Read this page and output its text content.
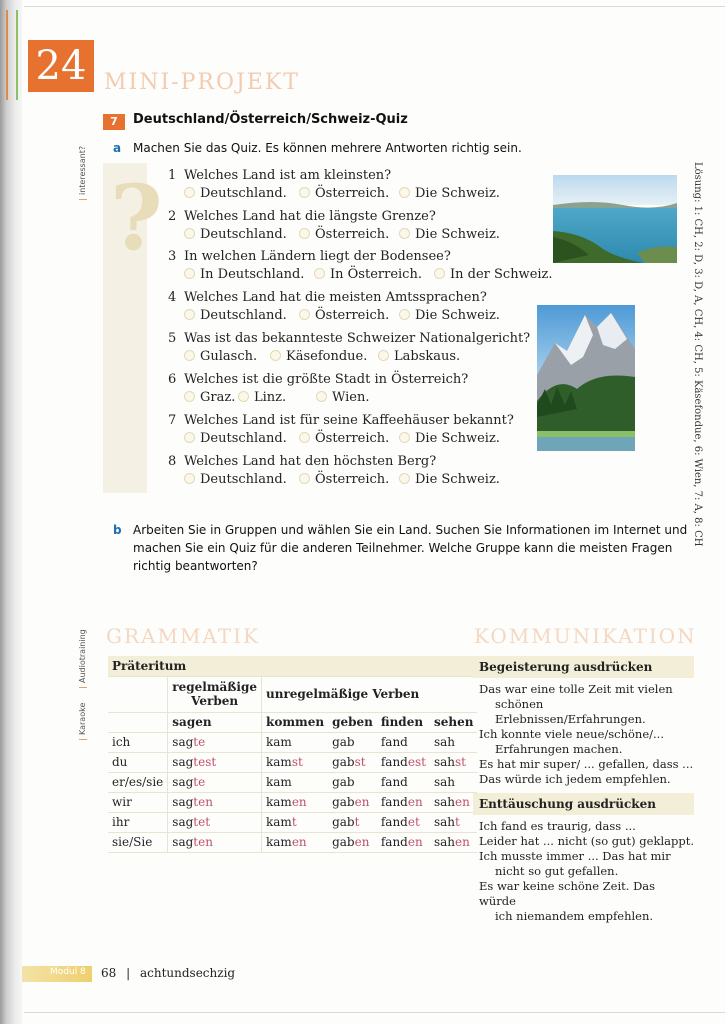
24 MINI-PROJEKT
interessant?
Audiotraining
Karaoke
7	Deutschland/Österreich/Schweiz-Quiz
a Machen Sie das Quiz. Es können mehrere Antworten richtig sein.
? 1 Welches Land ist am kleinsten?
Deutschland.	Österreich.	Die Schweiz.
2 Welches Land hat die längste Grenze?
Deutschland.	Österreich.	Die Schweiz.
3 In welchen Ländern liegt der Bodensee?
In Deutschland.	In Österreich.	In der Schweiz.
4 Welches Land hat die meisten Amtssprachen?
Deutschland.	Österreich.	Die Schweiz.
5 Was ist das bekannteste Schweizer Nationalgericht?
Gulasch.	Käsefondue.	Labskaus.
6 Welches ist die größte Stadt in Österreich?
Graz.	Linz.	Wien.
7 Welches Land ist für seine Kaffeehäuser bekannt?
Deutschland.	Österreich.	Die Schweiz.
8 Welches Land hat den höchsten Berg?
Deutschland.	Österreich.	Die Schweiz.	Lösung: 1: CH, 2: D, 3: D, A, CH, 4: CH, 5: Käsefondue, 6: Wien, 7: A, 8: CH
b Arbeiten Sie in Gruppen und wählen Sie ein Land. Suchen Sie Informationen im Internet und
machen Sie ein Quiz für die anderen Teilnehmer. Welche Gruppe kann die meisten Fragen
richtig beantworten?
GRAMMATIK	KOMMUNIKATION
Präteritum					

	regelmäßige
Verben	unregelmäßige Verben			
	sagen	kommen	geben	finden	sehen
ich	sagte	kam	gab	fand	sah
du	sagtest	kamst	gabst	fandest	sahst
er/es/sie	sagte	kam	gab	fand	sah
wir	sagten	kamen	gaben	fanden	sahen
ihr	sagtet	kamt	gabt	fandet	saht
sie/Sie	sagten	kamen	gaben	fanden	sahen
Begeisterung ausdrücken
Das war eine tolle Zeit mit vielen
schönen Erlebnissen/Erfahrungen.
Ich konnte viele neue/schöne/...
Erfahrungen machen.
Es hat mir super/ ... gefallen, dass ...
Das würde ich jedem empfehlen.
Enttäuschung ausdrücken
Ich fand es traurig, dass ...
Leider hat ... nicht (so gut) geklappt.
Ich musste immer ... Das hat mir
nicht so gut gefallen.
Es war keine schöne Zeit. Das würde
ich niemandem empfehlen.
Modul 8 68 | achtundsechzig
